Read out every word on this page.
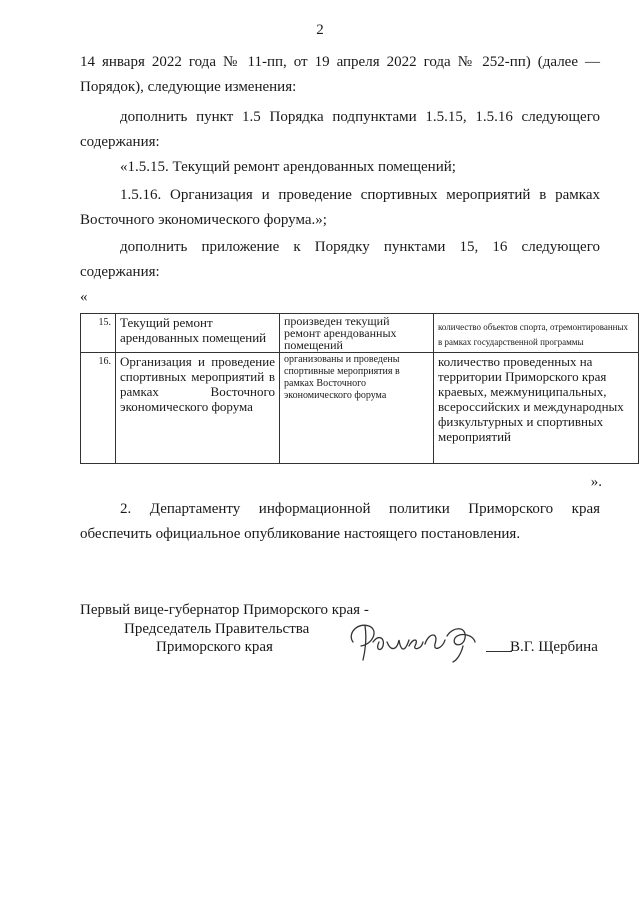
2
14 января 2022 года № 11-пп, от 19 апреля 2022 года № 252-пп) (далее —
Порядок), следующие изменения:
дополнить пункт 1.5 Порядка подпунктами 1.5.15, 1.5.16 следующего
содержания:
«1.5.15. Текущий ремонт арендованных помещений;
1.5.16. Организация и проведение спортивных мероприятий в рамках
Восточного экономического форума.»;
дополнить приложение к Порядку пунктами 15, 16 следующего
содержания:
«
15.	Текущий ремонт арендованных помещений	произведен текущий ремонт арендованных помещений	количество объектов спорта, отремонтированных в рамках государственной программы
16.	Организация и проведение спортивных мероприятий в рамках Восточного экономического форума	организованы и проведены спортивные мероприятия в рамках Восточного экономического форума	количество проведенных на территории Приморского края краевых, межмуниципальных, всероссийских и международных физкультурных и спортивных мероприятий
».
2. Департаменту информационной политики Приморского края
обеспечить официальное опубликование настоящего постановления.
Первый вице-губернатор Приморского края -
Председатель Правительства
Приморского края	В.Г. Щербина
